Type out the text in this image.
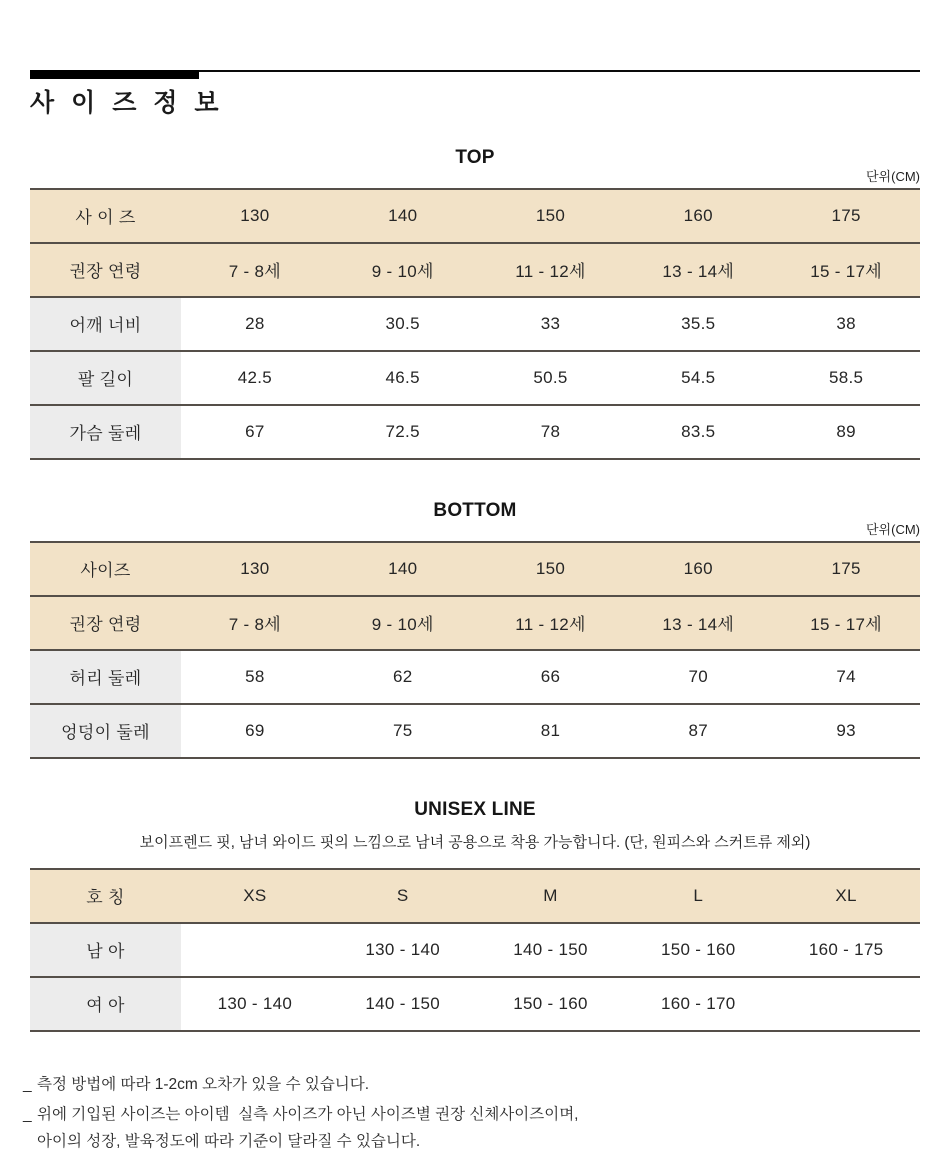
사 이 즈 정 보
TOP
단위(CM)
사 이 즈	130	140	150	160	175
권장 연령	7 - 8세	9 - 10세	11 - 12세	13 - 14세	15 - 17세
어깨 너비	28	30.5	33	35.5	38
팔 길이	42.5	46.5	50.5	54.5	58.5
가슴 둘레	67	72.5	78	83.5	89
BOTTOM
단위(CM)
사이즈	130	140	150	160	175
권장 연령	7 - 8세	9 - 10세	11 - 12세	13 - 14세	15 - 17세
허리 둘레	58	62	66	70	74
엉덩이 둘레	69	75	81	87	93
UNISEX LINE

보이프렌드 핏, 남녀 와이드 핏의 느낌으로 남녀 공용으로 착용 가능합니다. (단, 원피스와 스커트류 제외)

호 칭	XS	S	M	L	XL
남 아		130 - 140	140 - 150	150 - 160	160 - 175
여 아	130 - 140	140 - 150	150 - 160	160 - 170	

_ 측정 방법에 따라 1-2cm 오차가 있을 수 있습니다.

_ 위에 기입된 사이즈는 아이템  실측 사이즈가 아닌 사이즈별 권장 신체사이즈이며,

아이의 성장, 발육정도에 따라 기준이 달라질 수 있습니다.
